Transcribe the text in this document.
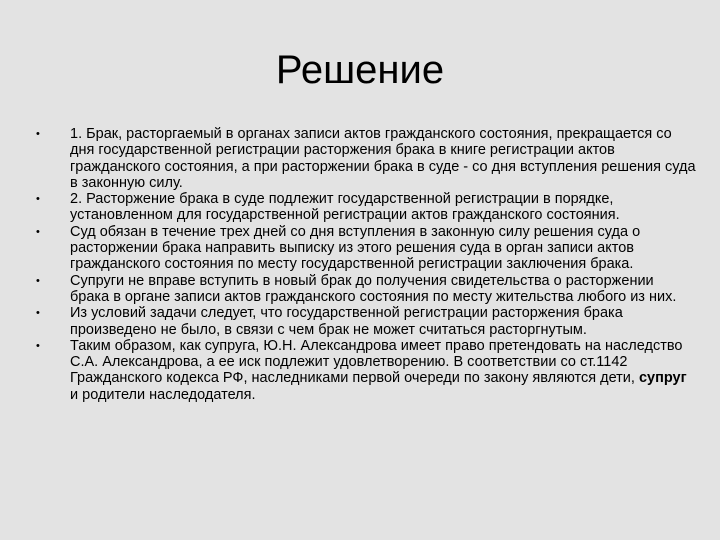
Решение
• 1. Брак, расторгаемый в органах записи актов гражданского состояния, прекращается со дня государственной регистрации расторжения брака в книге регистрации актов гражданского состояния, а при расторжении брака в суде - со дня вступления решения суда в законную силу.
• 2. Расторжение брака в суде подлежит государственной регистрации в порядке, установленном для государственной регистрации актов гражданского состояния.
• Суд обязан в течение трех дней со дня вступления в законную силу решения суда о расторжении брака направить выписку из этого решения суда в орган записи актов гражданского состояния по месту государственной регистрации заключения брака.
• Супруги не вправе вступить в новый брак до получения свидетельства о расторжении брака в органе записи актов гражданского состояния по месту жительства любого из них.
• Из условий задачи следует, что государственной регистрации расторжения брака произведено не было, в связи с чем брак не может считаться расторгнутым.
• Таким образом, как супруга, Ю.Н. Александрова имеет право претендовать на наследство С.А. Александрова, а ее иск подлежит удовлетворению. В соответствии со ст.1142 Гражданского кодекса РФ, наследниками первой очереди по закону являются дети, супруг и родители наследодателя.
